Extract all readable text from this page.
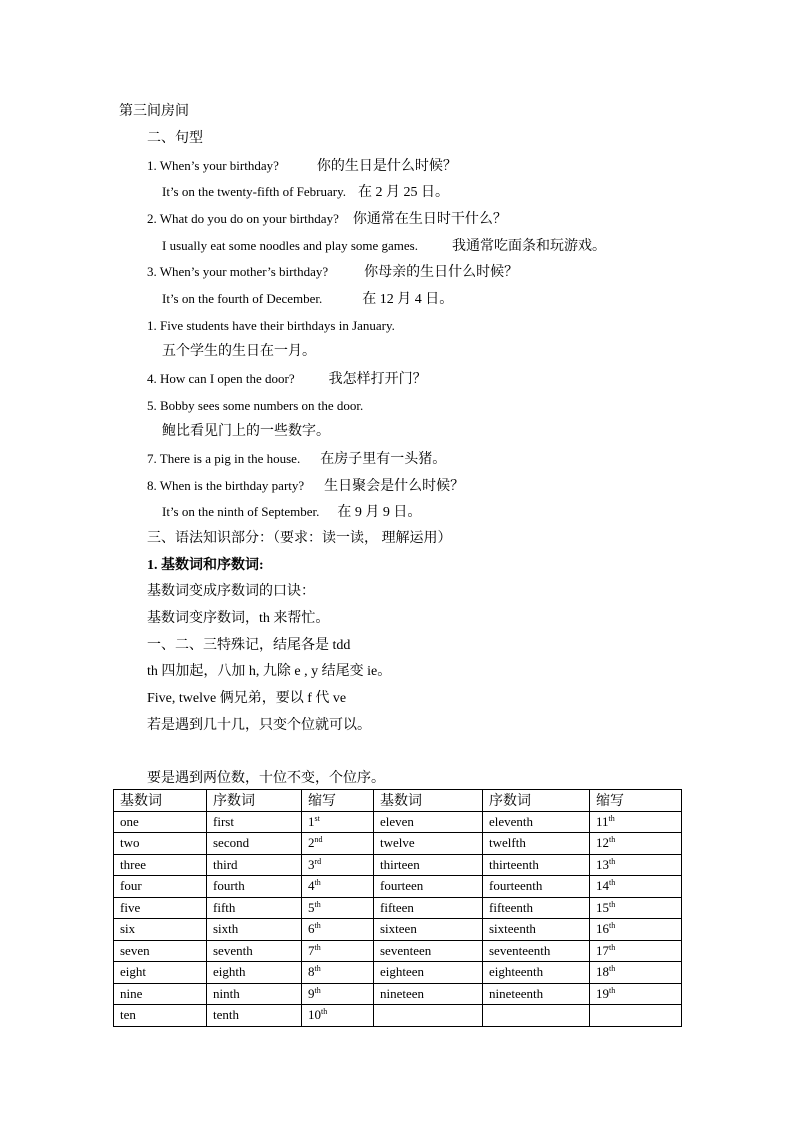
第三间房间
二、句型
1. When’s your birthday?	你的生日是什么时候？
It’s on the twenty-fifth of February. 在 2 月 25 日。
2. What do you do on your birthday? 你通常在生日时干什么？
I usually eat some noodles and play some games. 我通常吃面条和玩游戏。
3. When’s your mother’s birthday?	你母亲的生日什么时候？
It’s on the fourth of December.	在 12 月 4 日。
1. Five students have their birthdays in January.
五个学生的生日在一月。
4. How can I open the door? 我怎样打开门？
5. Bobby sees some numbers on the door.
鲍比看见门上的一些数字。
7. There is a pig in the house. 在房子里有一头猪。
8. When is the birthday party? 生日聚会是什么时候？
It’s on the ninth of September. 在 9 月 9 日。
三、语法知识部分：（要求：读一读， 理解运用）
1. 基数词和序数词:
基数词变成序数词的口诀：
基数词变序数词，th 来帮忙。
一、二、三特殊记，结尾各是 tdd
th 四加起，八加 h, 九除 e , y 结尾变 ie。
Five, twelve 俩兄弟，要以 f 代 ve
若是遇到几十几，只变个位就可以。
要是遇到两位数，十位不变，个位序。
基数词	序数词	缩写	基数词	序数词	缩写
one	first	1st	eleven	eleventh	11th
two	second	2nd	twelve	twelfth	12th
three	third	3rd	thirteen	thirteenth	13th
four	fourth	4th	fourteen	fourteenth	14th
five	fifth	5th	fifteen	fifteenth	15th
six	sixth	6th	sixteen	sixteenth	16th
seven	seventh	7th	seventeen	seventeenth	17th
eight	eighth	8th	eighteen	eighteenth	18th
nine	ninth	9th	nineteen	nineteenth	19th
ten	tenth	10th			
